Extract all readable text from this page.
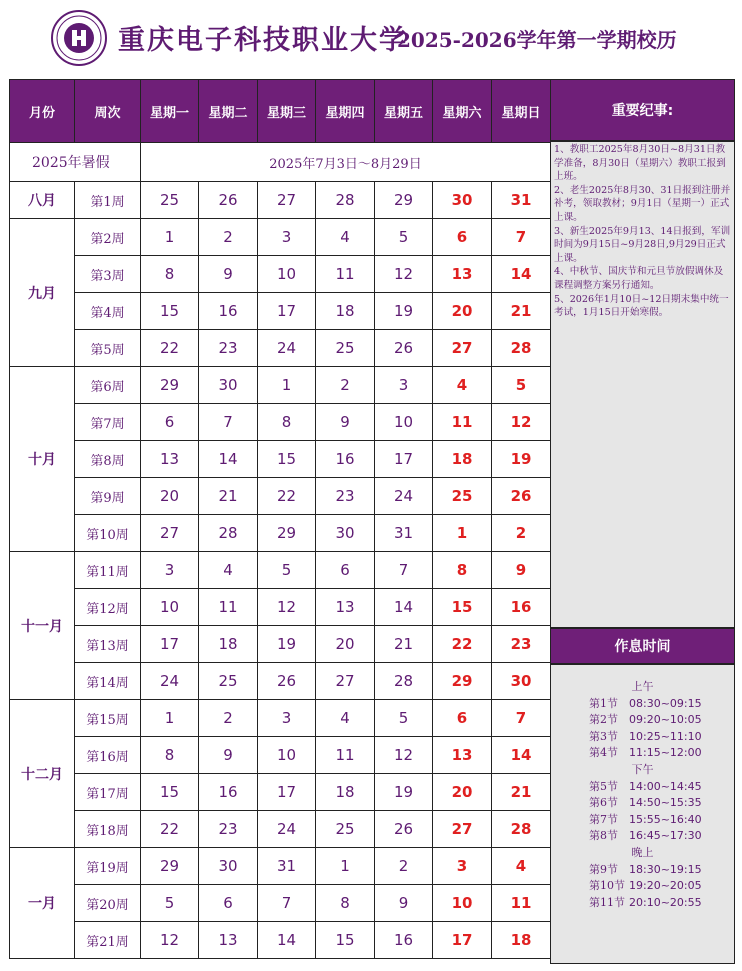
重庆电子科技职业大学
2025-2026学年第一学期校历
月份	周次	星期一	星期二	星期三	星期四	星期五	星期六	星期日
2025年暑假		2025年7月3日～8月29日						
八月	第1周	25	26	27	28	29	30	31
九月	第2周	1	2	3	4	5	6	7
	第3周	8	9	10	11	12	13	14
	第4周	15	16	17	18	19	20	21
	第5周	22	23	24	25	26	27	28
十月	第6周	29	30	1	2	3	4	5
	第7周	6	7	8	9	10	11	12
	第8周	13	14	15	16	17	18	19
	第9周	20	21	22	23	24	25	26
	第10周	27	28	29	30	31	1	2
十一月	第11周	3	4	5	6	7	8	9
	第12周	10	11	12	13	14	15	16
	第13周	17	18	19	20	21	22	23
	第14周	24	25	26	27	28	29	30
十二月	第15周	1	2	3	4	5	6	7
	第16周	8	9	10	11	12	13	14
	第17周	15	16	17	18	19	20	21
	第18周	22	23	24	25	26	27	28
一月	第19周	29	30	31	1	2	3	4
	第20周	5	6	7	8	9	10	11
	第21周	12	13	14	15	16	17	18
重要纪事:

1、教职工2025年8月30日~8月31日教学准备，8月30日（星期六）教职工报到上班。

2、老生2025年8月30、31日报到注册并补考，领取教材；9月1日（星期一）正式上课。

3、新生2025年9月13、14日报到，军训时间为9月15日~9月28日,9月29日正式上课。

4、中秋节、国庆节和元旦节放假调休及课程调整方案另行通知。

5、2026年1月10日~12日期末集中统一考试，1月15日开始寒假。

作息时间
上午
第1节 08:30~09:15
第2节 09:20~10:05
第3节 10:25~11:10
第4节 11:15~12:00
下午
第5节 14:00~14:45
第6节 14:50~15:35
第7节 15:55~16:40
第8节 16:45~17:30
晚上
第9节 18:30~19:15
第10节 19:20~20:05
第11节 20:10~20:55
